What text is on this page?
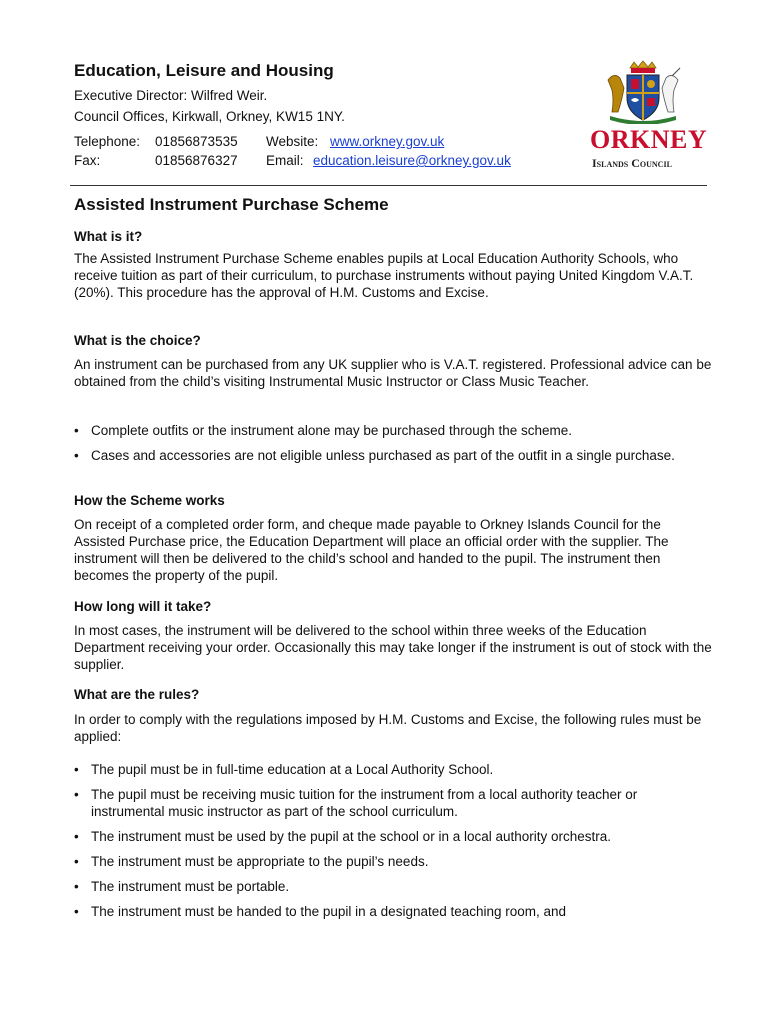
Education, Leisure and Housing
Executive Director: Wilfred Weir.
Council Offices, Kirkwall, Orkney, KW15 1NY.
Telephone: 01856873535 Website: www.orkney.gov.uk
Fax:	01856876327 Email: education.leisure@orkney.gov.uk
ORKNEY
Islands Council
Assisted Instrument Purchase Scheme
What is it?
The Assisted Instrument Purchase Scheme enables pupils at Local Education Authority Schools, who receive tuition as part of their curriculum, to purchase instruments without paying United Kingdom V.A.T. (20%). This procedure has the approval of H.M. Customs and Excise.
What is the choice?
An instrument can be purchased from any UK supplier who is V.A.T. registered. Professional advice can be obtained from the child’s visiting Instrumental Music Instructor or Class Music Teacher.
• Complete outfits or the instrument alone may be purchased through the scheme.
• Cases and accessories are not eligible unless purchased as part of the outfit in a single purchase.
How the Scheme works
On receipt of a completed order form, and cheque made payable to Orkney Islands Council for the Assisted Purchase price, the Education Department will place an official order with the supplier. The instrument will then be delivered to the child’s school and handed to the pupil. The instrument then becomes the property of the pupil.
How long will it take?
In most cases, the instrument will be delivered to the school within three weeks of the Education Department receiving your order. Occasionally this may take longer if the instrument is out of stock with the supplier.
What are the rules?
In order to comply with the regulations imposed by H.M. Customs and Excise, the following rules must be applied:
• The pupil must be in full-time education at a Local Authority School.
• The pupil must be receiving music tuition for the instrument from a local authority teacher or instrumental music instructor as part of the school curriculum.
• The instrument must be used by the pupil at the school or in a local authority orchestra.
• The instrument must be appropriate to the pupil’s needs.
• The instrument must be portable.
• The instrument must be handed to the pupil in a designated teaching room, and
